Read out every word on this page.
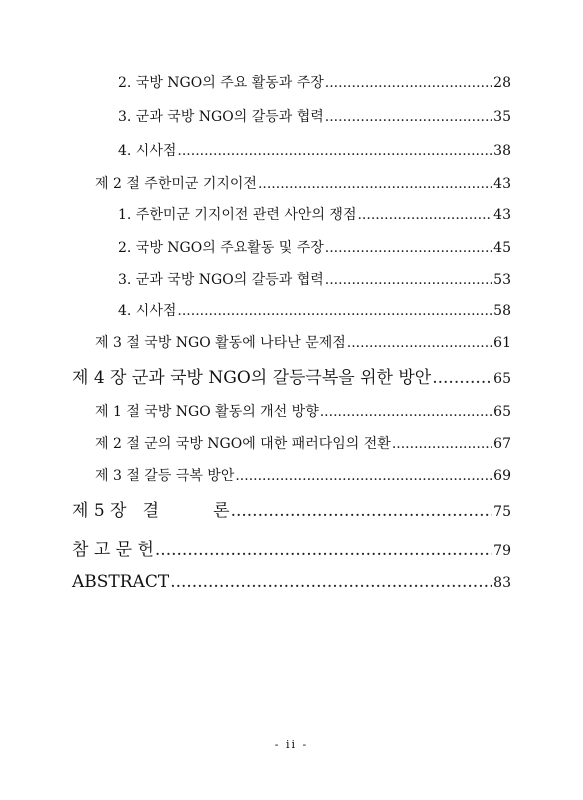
2. 국방 NGO의 주요 활동과 주장 .....	28
3. 군과 국방 NGO의 갈등과 협력 .....	35
4. 시사점 .....	38
제 2 절 주한미군 기지이전 .....	43
1. 주한미군 기지이전 관련 사안의 쟁점 .....	43
2. 국방 NGO의 주요활동 및 주장 .....	45
3. 군과 국방 NGO의 갈등과 협력 .....	53
4. 시사점 .....	58
제 3 절 국방 NGO 활동에 나타난 문제점 .....	61
제 4 장 군과 국방 NGO의 갈등극복을 위한 방안 .....	65
제 1 절 국방 NGO 활동의 개선 방향 .....	65
제 2 절 군의 국방 NGO에 대한 패러다임의 전환 .....	67
제 3 절 갈등 극복 방안 .....	69
제 5 장   결          론 .....	75
참 고 문 헌 .....	79
ABSTRACT .....	83
- ii -
